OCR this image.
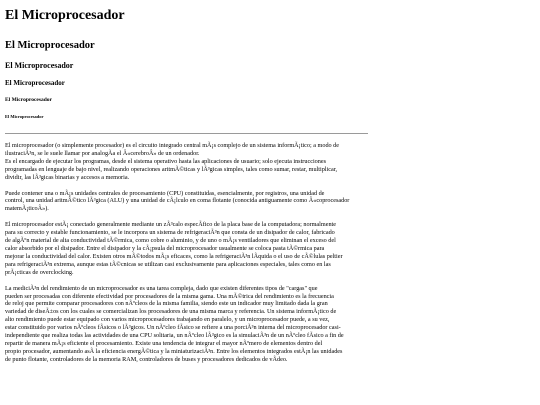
El Microprocesador
El Microprocesador
El Microprocesador
El Microprocesador
El Microprocesador
El Microprocesador

El microprocesador (o simplemente procesador) es el circuito integrado central mÃ¡s complejo de un sistema informÃ¡tico; a modo de
ilustraciÃ³n, se le suele llamar por analogÃa el Â«cerebroÂ» de un ordenador.
Es el encargado de ejecutar los programas, desde el sistema operativo hasta las aplicaciones de usuario; solo ejecuta instrucciones
programadas en lenguaje de bajo nivel, realizando operaciones aritmÃ©ticas y lÃ³gicas simples, tales como sumar, restar, multiplicar,
dividir, las lÃ³gicas binarias y accesos a memoria.

Puede contener una o mÃ¡s unidades centrales de procesamiento (CPU) constituidas, esencialmente, por registros, una unidad de
control, una unidad aritmÃ©tico lÃ³gica (ALU) y una unidad de cÃ¡lculo en coma flotante (conocida antiguamente como Â«coprocesador
matemÃ¡ticoÂ»).

El microprocesador estÃ¡ conectado generalmente mediante un zÃ³calo especÃfico de la placa base de la computadora; normalmente
para su correcto y estable funcionamiento, se le incorpora un sistema de refrigeraciÃ³n que consta de un disipador de calor, fabricado
de algÃºn material de alta conductividad tÃ©rmica, como cobre o aluminio, y de uno o mÃ¡s ventiladores que eliminan el exceso del
calor absorbido por el disipador. Entre el disipador y la cÃ¡psula del microprocesador usualmente se coloca pasta tÃ©rmica para
mejorar la conductividad del calor. Existen otros mÃ©todos mÃ¡s eficaces, como la refrigeraciÃ³n lÃquida o el uso de cÃ©lulas peltier
para refrigeraciÃ³n extrema, aunque estas tÃ©cnicas se utilizan casi exclusivamente para aplicaciones especiales, tales como en las
prÃ¡cticas de overclocking.

La mediciÃ³n del rendimiento de un microprocesador es una tarea compleja, dado que existen diferentes tipos de "cargas" que
pueden ser procesadas con diferente efectividad por procesadores de la misma gama. Una mÃ©trica del rendimiento es la frecuencia
de reloj que permite comparar procesadores con nÃºcleos de la misma familia, siendo este un indicador muy limitado dada la gran
variedad de diseÃ±os con los cuales se comercializan los procesadores de una misma marca y referencia. Un sistema informÃ¡tico de
alto rendimiento puede estar equipado con varios microprocesadores trabajando en paralelo, y un microprocesador puede, a su vez,
estar constituido por varios nÃºcleos fÃsicos o lÃ³gicos. Un nÃºcleo fÃsico se refiere a una porciÃ³n interna del microprocesador casi-
independiente que realiza todas las actividades de una CPU solitaria, un nÃºcleo lÃ³gico es la simulaciÃ³n de un nÃºcleo fÃsico a fin de
repartir de manera mÃ¡s eficiente el procesamiento. Existe una tendencia de integrar el mayor nÃºmero de elementos dentro del
propio procesador, aumentando asÃ la eficiencia energÃ©tica y la miniaturizaciÃ³n. Entre los elementos integrados estÃ¡n las unidades
de punto flotante, controladores de la memoria RAM, controladores de buses y procesadores dedicados de vÃdeo.
